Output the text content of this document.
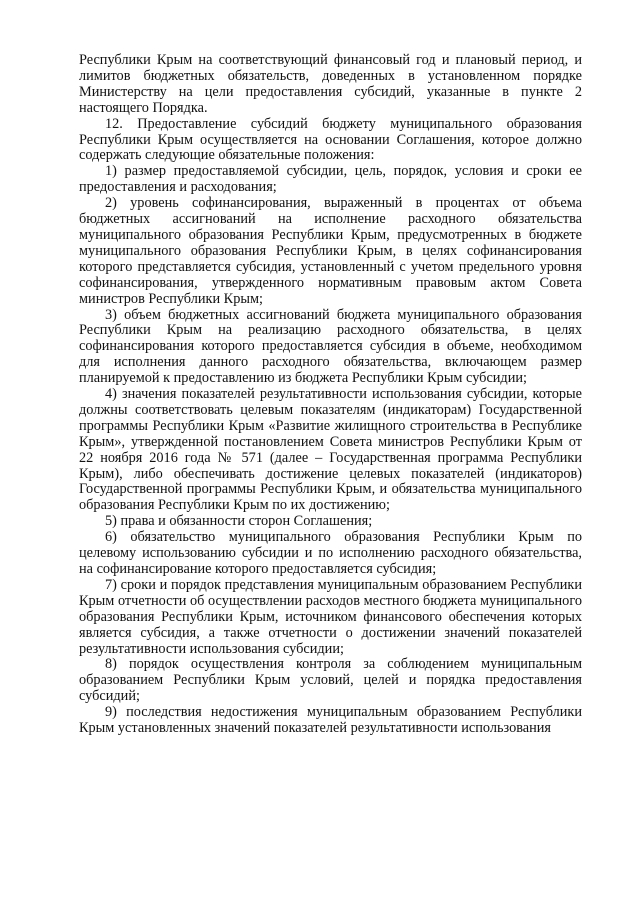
Республики Крым на соответствующий финансовый год и плановый период, и лимитов бюджетных обязательств, доведенных в установленном порядке Министерству на цели предоставления субсидий, указанные в пункте 2 настоящего Порядка.

12. Предоставление субсидий бюджету муниципального образования Республики Крым осуществляется на основании Соглашения, которое должно содержать следующие обязательные положения:

1) размер предоставляемой субсидии, цель, порядок, условия и сроки ее предоставления и расходования;

2) уровень софинансирования, выраженный в процентах от объема бюджетных ассигнований на исполнение расходного обязательства муниципального образования Республики Крым, предусмотренных в бюджете муниципального образования Республики Крым, в целях софинансирования которого представляется субсидия, установленный с учетом предельного уровня софинансирования, утвержденного нормативным правовым актом Совета министров Республики Крым;

3) объем бюджетных ассигнований бюджета муниципального образования Республики Крым на реализацию расходного обязательства, в целях софинансирования которого предоставляется субсидия в объеме, необходимом для исполнения данного расходного обязательства, включающем размер планируемой к предоставлению из бюджета Республики Крым субсидии;

4) значения показателей результативности использования субсидии, которые должны соответствовать целевым показателям (индикаторам) Государственной программы Республики Крым «Развитие жилищного строительства в Республике Крым», утвержденной постановлением Совета министров Республики Крым от 22 ноября 2016 года № 571 (далее – Государственная программа Республики Крым), либо обеспечивать достижение целевых показателей (индикаторов) Государственной программы Республики Крым, и обязательства муниципального образования Республики Крым по их достижению;

5) права и обязанности сторон Соглашения;

6) обязательство муниципального образования Республики Крым по целевому использованию субсидии и по исполнению расходного обязательства, на софинансирование которого предоставляется субсидия;

7) сроки и порядок представления муниципальным образованием Республики Крым отчетности об осуществлении расходов местного бюджета муниципального образования Республики Крым, источником финансового обеспечения которых является субсидия, а также отчетности о достижении значений показателей результативности использования субсидии;

8) порядок осуществления контроля за соблюдением муниципальным образованием Республики Крым условий, целей и порядка предоставления субсидий;

9) последствия недостижения муниципальным образованием Республики Крым установленных значений показателей результативности использования
